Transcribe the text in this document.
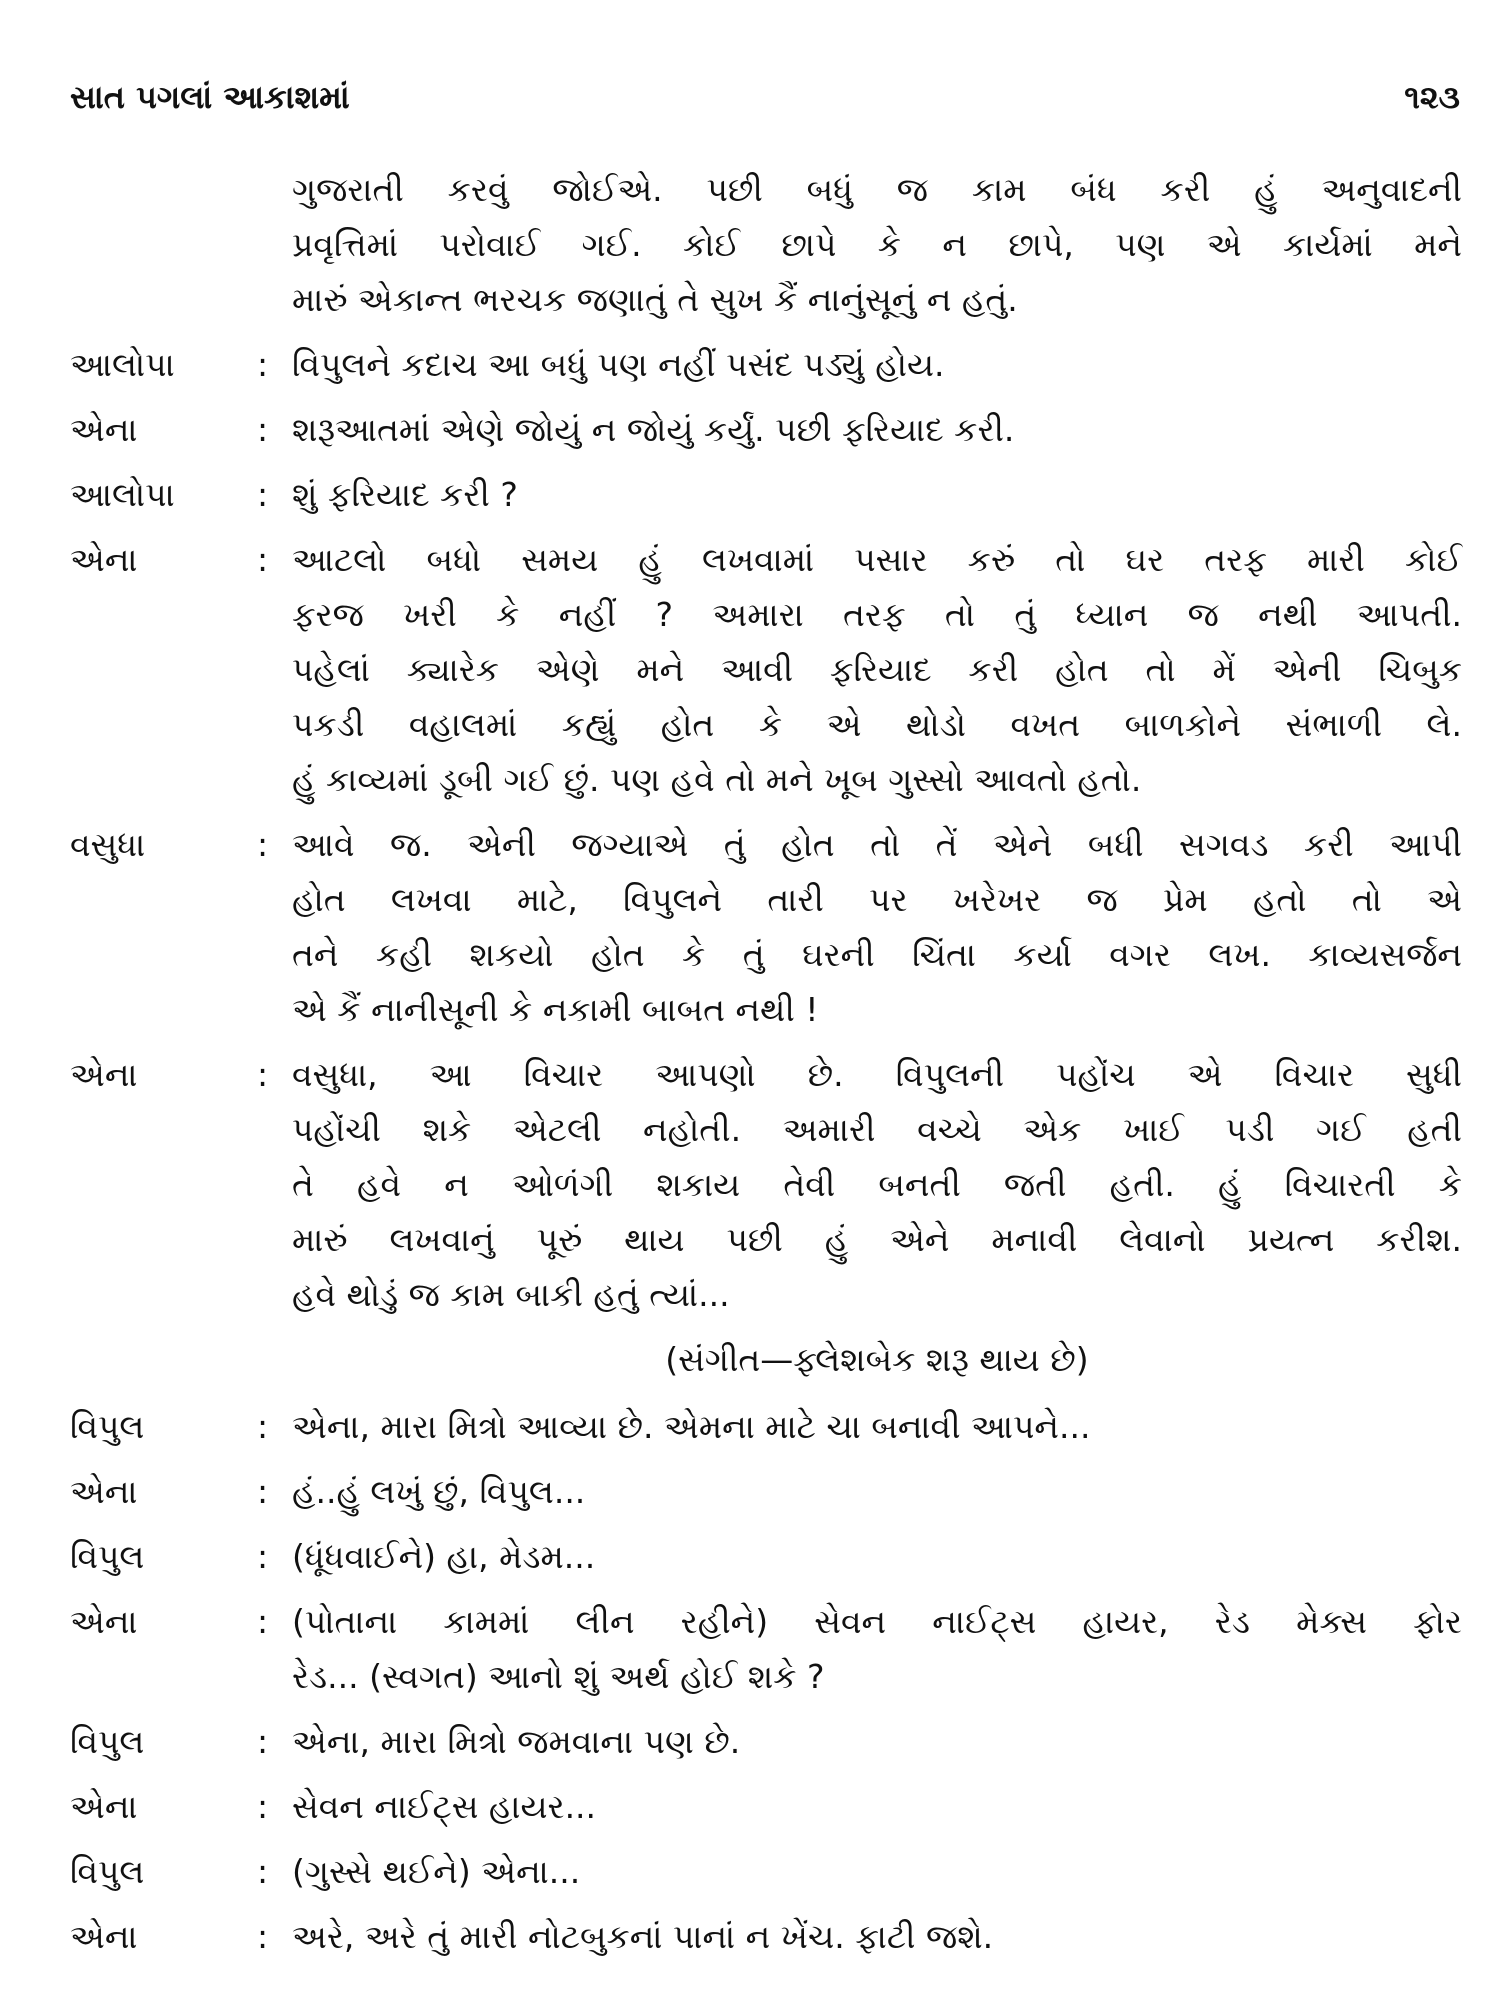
સાત પગલાં આકાશમાં	૧૨૩
ગુજરાતી કરવું જોઈએ. પછી બધું જ કામ બંધ કરી હું અનુવાદની
પ્રવૃત્તિમાં પરોવાઈ ગઈ. કોઈ છાપે કે ન છાપે, પણ એ કાર્યમાં મને
મારું એકાન્ત ભરચક જણાતું તે સુખ કૈં નાનુંસૂનું ન હતું.
આલોપા	: વિપુલને કદાચ આ બધું પણ નહીં પસંદ પડ્યું હોય.
એના	: શરૂઆતમાં એણે જોયું ન જોયું કર્યું. પછી ફરિયાદ કરી.
આલોપા	: શું ફરિયાદ કરી ?
એના	: આટલો બધો સમય હું લખવામાં પસાર કરું તો ઘર તરફ મારી કોઈ
ફરજ ખરી કે નહીં ? અમારા તરફ તો તું ધ્યાન જ નથી આપતી.
પહેલાં ક્યારેક એણે મને આવી ફરિયાદ કરી હોત તો મેં એની ચિબુક
પકડી વહાલમાં કહ્યું હોત કે એ થોડો વખત બાળકોને સંભાળી લે.
હું કાવ્યમાં ડૂબી ગઈ છું. પણ હવે તો મને ખૂબ ગુસ્સો આવતો હતો.
વસુધા	: આવે જ. એની જગ્યાએ તું હોત તો તેં એને બધી સગવડ કરી આપી
હોત લખવા માટે, વિપુલને તારી પર ખરેખર જ પ્રેમ હતો તો એ
તને કહી શકયો હોત કે તું ઘરની ચિંતા કર્યા વગર લખ. કાવ્યસર્જન
એ કૈં નાનીસૂની કે નકામી બાબત નથી !
એના	: વસુધા, આ વિચાર આપણો છે. વિપુલની પહોંચ એ વિચાર સુધી
પહોંચી શકે એટલી નહોતી. અમારી વચ્ચે એક ખાઈ પડી ગઈ હતી
તે હવે ન ઓળંગી શકાય તેવી બનતી જતી હતી. હું વિચારતી કે
મારું લખવાનું પૂરું થાય પછી હું એને મનાવી લેવાનો પ્રયત્ન કરીશ.
હવે થોડું જ કામ બાકી હતું ત્યાં...
(સંગીત—ફ્લેશબેક શરૂ થાય છે)
વિપુલ	: એના, મારા મિત્રો આવ્યા છે. એમના માટે ચા બનાવી આપને...
એના	: હં..હું લખું છું, વિપુલ...
વિપુલ	: (ધૂંધવાઈને) હા, મેડમ...
એના	: (પોતાના કામમાં લીન રહીને) સેવન નાઈટ્સ હાયર, રેડ મેક્સ ફોર
રેડ... (સ્વગત) આનો શું અર્થ હોઈ શકે ?
વિપુલ	: એના, મારા મિત્રો જમવાના પણ છે.
એના	: સેવન નાઈટ્સ હાયર...
વિપુલ	: (ગુસ્સે થઈને) એના...
એના	: અરે, અરે તું મારી નોટબુકનાં પાનાં ન ખેંચ. ફાટી જશે.
